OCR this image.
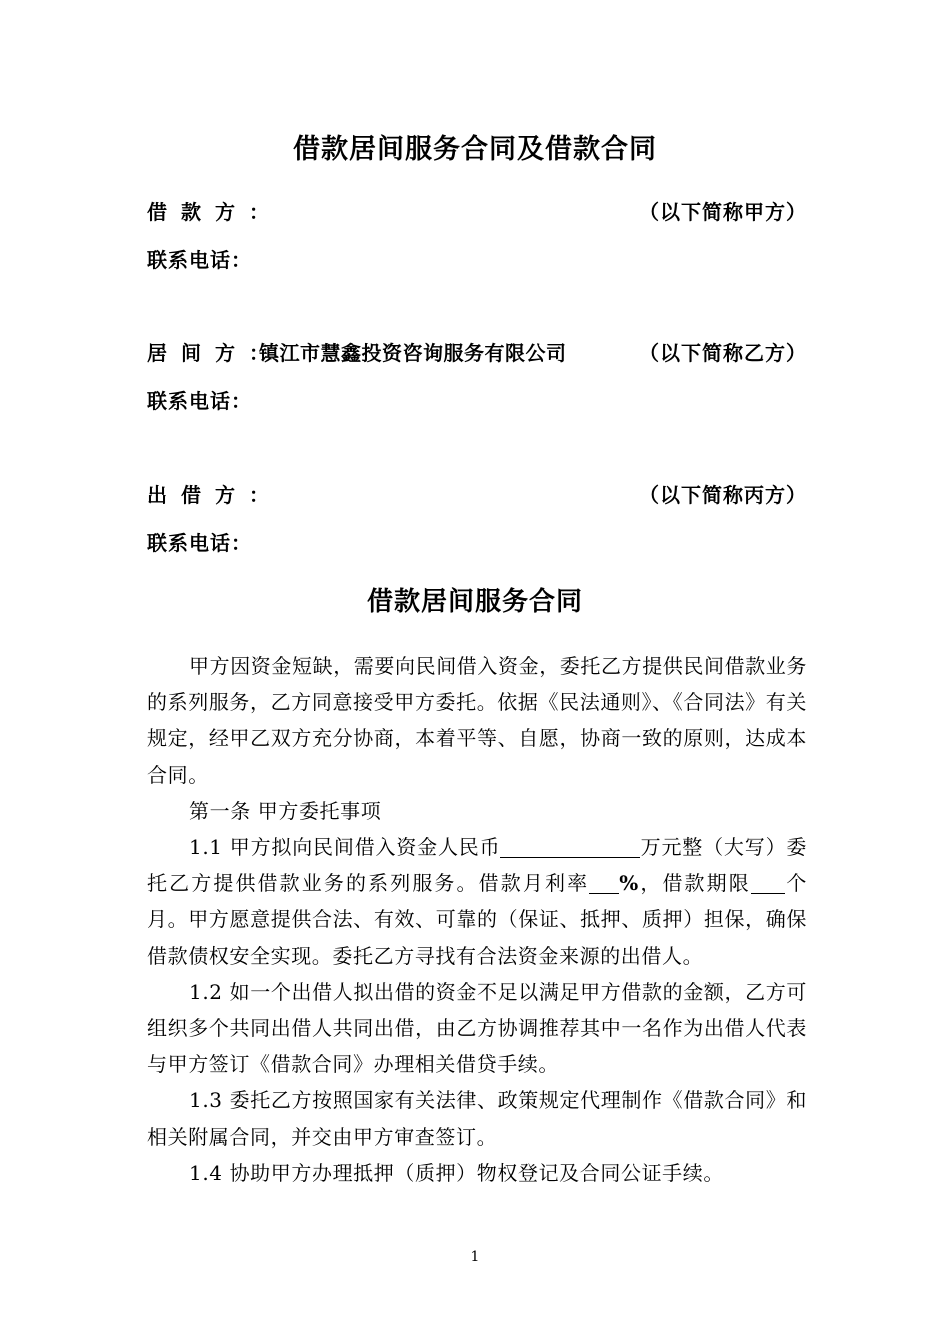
借款居间服务合同及借款合同
借款方：	（以下简称甲方）
联系电话：
居间方：
镇江市慧鑫投资咨询服务有限公司	（以下简称乙方）
联系电话：
出借方：	（以下简称丙方）
联系电话：
借款居间服务合同

甲方因资金短缺，需要向民间借入资金，委托乙方提供民间借款业务的系列服务，乙方同意接受甲方委托。依据《民法通则》、《合同法》有关规定，经甲乙双方充分协商，本着平等、自愿，协商一致的原则，达成本合同。

第一条 甲方委托事项

1.1 甲方拟向民间借入资金人民币	万元整（大写）委托乙方提供借款业务的系列服务。借款月利率 %，借款期限 个月。甲方愿意提供合法、有效、可靠的（保证、抵押、质押）担保，确保借款债权安全实现。委托乙方寻找有合法资金来源的出借人。

1.2 如一个出借人拟出借的资金不足以满足甲方借款的金额，乙方可组织多个共同出借人共同出借，由乙方协调推荐其中一名作为出借人代表与甲方签订《借款合同》办理相关借贷手续。

1.3 委托乙方按照国家有关法律、政策规定代理制作《借款合同》和相关附属合同，并交由甲方审查签订。

1.4 协助甲方办理抵押（质押）物权登记及合同公证手续。

1
